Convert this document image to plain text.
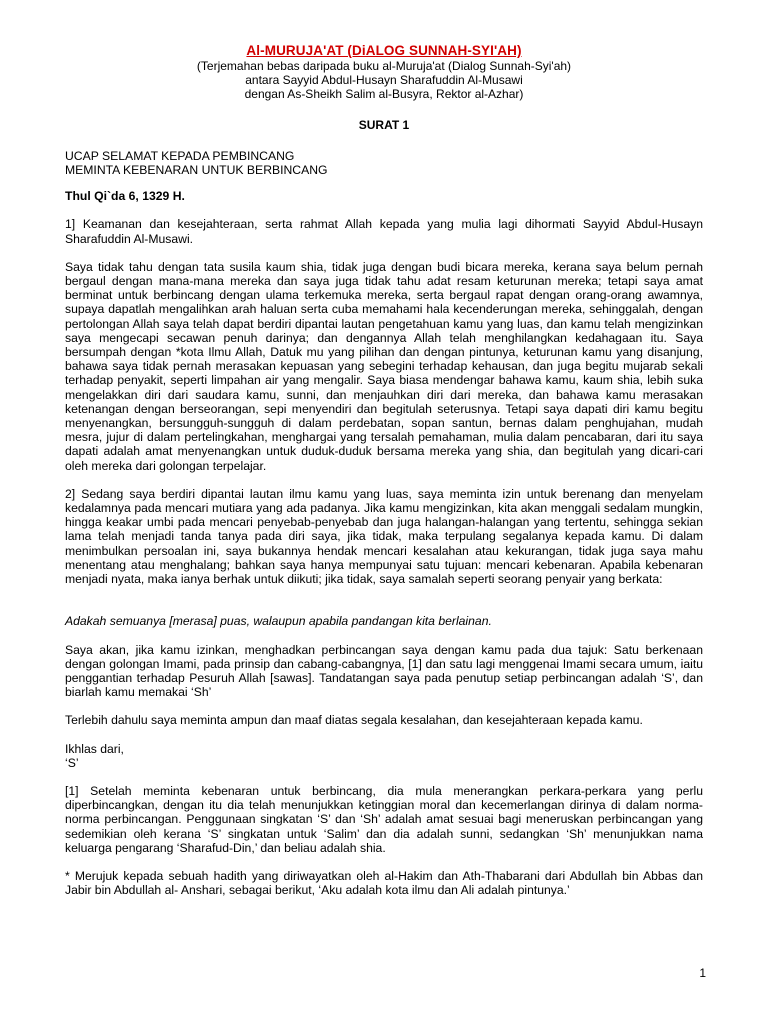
Al-MURUJA'AT (DiALOG SUNNAH-SYI'AH)
(Terjemahan bebas daripada buku al-Muruja'at (Dialog Sunnah-Syi'ah)
antara Sayyid Abdul-Husayn Sharafuddin Al-Musawi
dengan As-Sheikh Salim al-Busyra, Rektor al-Azhar)
SURAT 1
UCAP SELAMAT KEPADA PEMBINCANG
MEMINTA KEBENARAN UNTUK BERBINCANG
Thul Qi`da 6, 1329 H.

1] Keamanan dan kesejahteraan, serta rahmat Allah kepada yang mulia lagi dihormati Sayyid Abdul-Husayn Sharafuddin Al-Musawi.

Saya tidak tahu dengan tata susila kaum shia, tidak juga dengan budi bicara mereka, kerana saya belum pernah bergaul dengan mana-mana mereka dan saya juga tidak tahu adat resam keturunan mereka; tetapi saya amat berminat untuk berbincang dengan ulama terkemuka mereka, serta bergaul rapat dengan orang-orang awamnya, supaya dapatlah mengalihkan arah haluan serta cuba memahami hala kecenderungan mereka, sehinggalah, dengan pertolongan Allah saya telah dapat berdiri dipantai lautan pengetahuan kamu yang luas, dan kamu telah mengizinkan saya mengecapi secawan penuh darinya; dan dengannya Allah telah menghilangkan kedahagaan itu. Saya bersumpah dengan *kota Ilmu Allah, Datuk mu yang pilihan dan dengan pintunya, keturunan kamu yang disanjung, bahawa saya tidak pernah merasakan kepuasan yang sebegini terhadap kehausan, dan juga begitu mujarab sekali terhadap penyakit, seperti limpahan air yang mengalir. Saya biasa mendengar bahawa kamu, kaum shia, lebih suka mengelakkan diri dari saudara kamu, sunni, dan menjauhkan diri dari mereka, dan bahawa kamu merasakan ketenangan dengan berseorangan, sepi menyendiri dan begitulah seterusnya. Tetapi saya dapati diri kamu begitu menyenangkan, bersungguh-sungguh di dalam perdebatan, sopan santun, bernas dalam penghujahan, mudah mesra, jujur di dalam pertelingkahan, menghargai yang tersalah pemahaman, mulia dalam pencabaran, dari itu saya dapati adalah amat menyenangkan untuk duduk-duduk bersama mereka yang shia, dan begitulah yang dicari-cari oleh mereka dari golongan terpelajar.

2] Sedang saya berdiri dipantai lautan ilmu kamu yang luas, saya meminta izin untuk berenang dan menyelam kedalamnya pada mencari mutiara yang ada padanya. Jika kamu mengizinkan, kita akan menggali sedalam mungkin, hingga keakar umbi pada mencari penyebab-penyebab dan juga halangan-halangan yang tertentu, sehingga sekian lama telah menjadi tanda tanya pada diri saya, jika tidak, maka terpulang segalanya kepada kamu. Di dalam menimbulkan persoalan ini, saya bukannya hendak mencari kesalahan atau kekurangan, tidak juga saya mahu menentang atau menghalang; bahkan saya hanya mempunyai satu tujuan: mencari kebenaran. Apabila kebenaran menjadi nyata, maka ianya berhak untuk diikuti; jika tidak, saya samalah seperti seorang penyair yang berkata:

Adakah semuanya [merasa] puas, walaupun apabila pandangan kita berlainan.

Saya akan, jika kamu izinkan, menghadkan perbincangan saya dengan kamu pada dua tajuk: Satu berkenaan dengan golongan Imami, pada prinsip dan cabang-cabangnya, [1] dan satu lagi menggenai Imami secara umum, iaitu penggantian terhadap Pesuruh Allah [sawas]. Tandatangan saya pada penutup setiap perbincangan adalah ‘S’, dan biarlah kamu memakai ‘Sh’

Terlebih dahulu saya meminta ampun dan maaf diatas segala kesalahan, dan kesejahteraan kepada kamu.

Ikhlas dari,

‘S’

[1] Setelah meminta kebenaran untuk berbincang, dia mula menerangkan perkara-perkara yang perlu diperbincangkan, dengan itu dia telah menunjukkan ketinggian moral dan kecemerlangan dirinya di dalam norma-norma perbincangan. Penggunaan singkatan ‘S’ dan ‘Sh’ adalah amat sesuai bagi meneruskan perbincangan yang sedemikian oleh kerana ‘S’ singkatan untuk ‘Salim’ dan dia adalah sunni, sedangkan ‘Sh’ menunjukkan nama keluarga pengarang ‘Sharafud-Din,’ dan beliau adalah shia.

* Merujuk kepada sebuah hadith yang diriwayatkan oleh al-Hakim dan Ath-Thabarani dari Abdullah bin Abbas dan Jabir bin Abdullah al- Anshari, sebagai berikut, ‘Aku adalah kota ilmu dan Ali adalah pintunya.’

1
